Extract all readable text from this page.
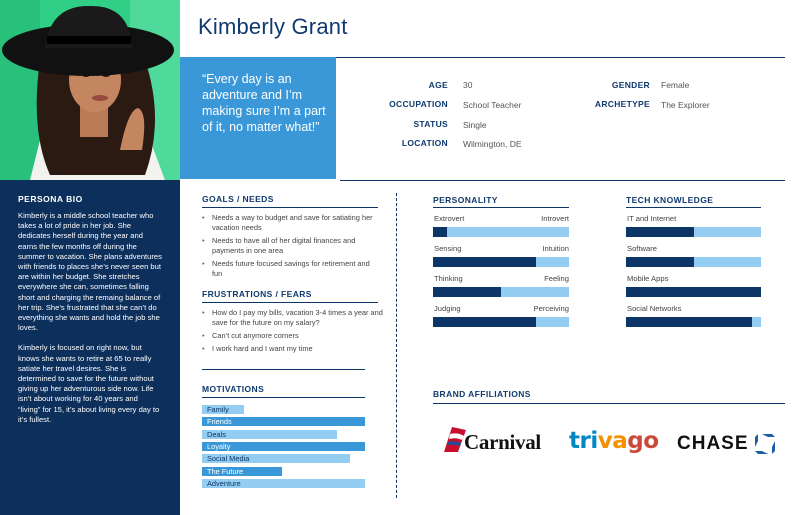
Kimberly Grant
“Every day is an adventure and I’m making sure I’m a part of it, no matter what!”
AGE 30
OCCUPATION School Teacher
STATUS Single
LOCATION Wilmington, DE
GENDER Female
ARCHETYPE The Explorer
PERSONA BIO

Kimberly is a middle school teacher who takes a lot of pride in her job. She dedicates herself during the year and earns the few months off during the summer to vacation. She plans adventures with friends to places she’s never seen but are within her budget. She stretches everywhere she can, sometimes falling short and charging the remaing balance of her trip. She’s frustrated that she can’t do everything she wants and hold the job she loves.

Kimberly is focused on right now, but knows she wants to retire at 65 to really satiate her travel desires. She is determined to save for the future without giving up her adventurous side now. Life isn’t about working for 40 years and “living” for 15, it’s about living every day to it’s fullest.

GOALS / NEEDS
• Needs a way to budget and save for satiating her vacation needs
• Needs to have all of her digital finances and payments in one area
• Needs future focused savings for retirement and fun
FRUSTRATIONS / FEARS
• How do I pay my bills, vacation 3-4 times a year and save for the future on my salary?
• Can’t cut anymore corners
• I work hard and I want my time
MOTIVATIONS
Family
Friends
Deals
Loyalty
Social Media
The Future
Adventure
PERSONALITY
Extrovert	Introvert
Sensing	Intuition
Thinking	Feeling
Judging	Perceiving
TECH KNOWLEDGE
IT and Internet
Software
Mobile Apps
Social Networks
BRAND AFFILIATIONS
Carnival trivago CHASE
